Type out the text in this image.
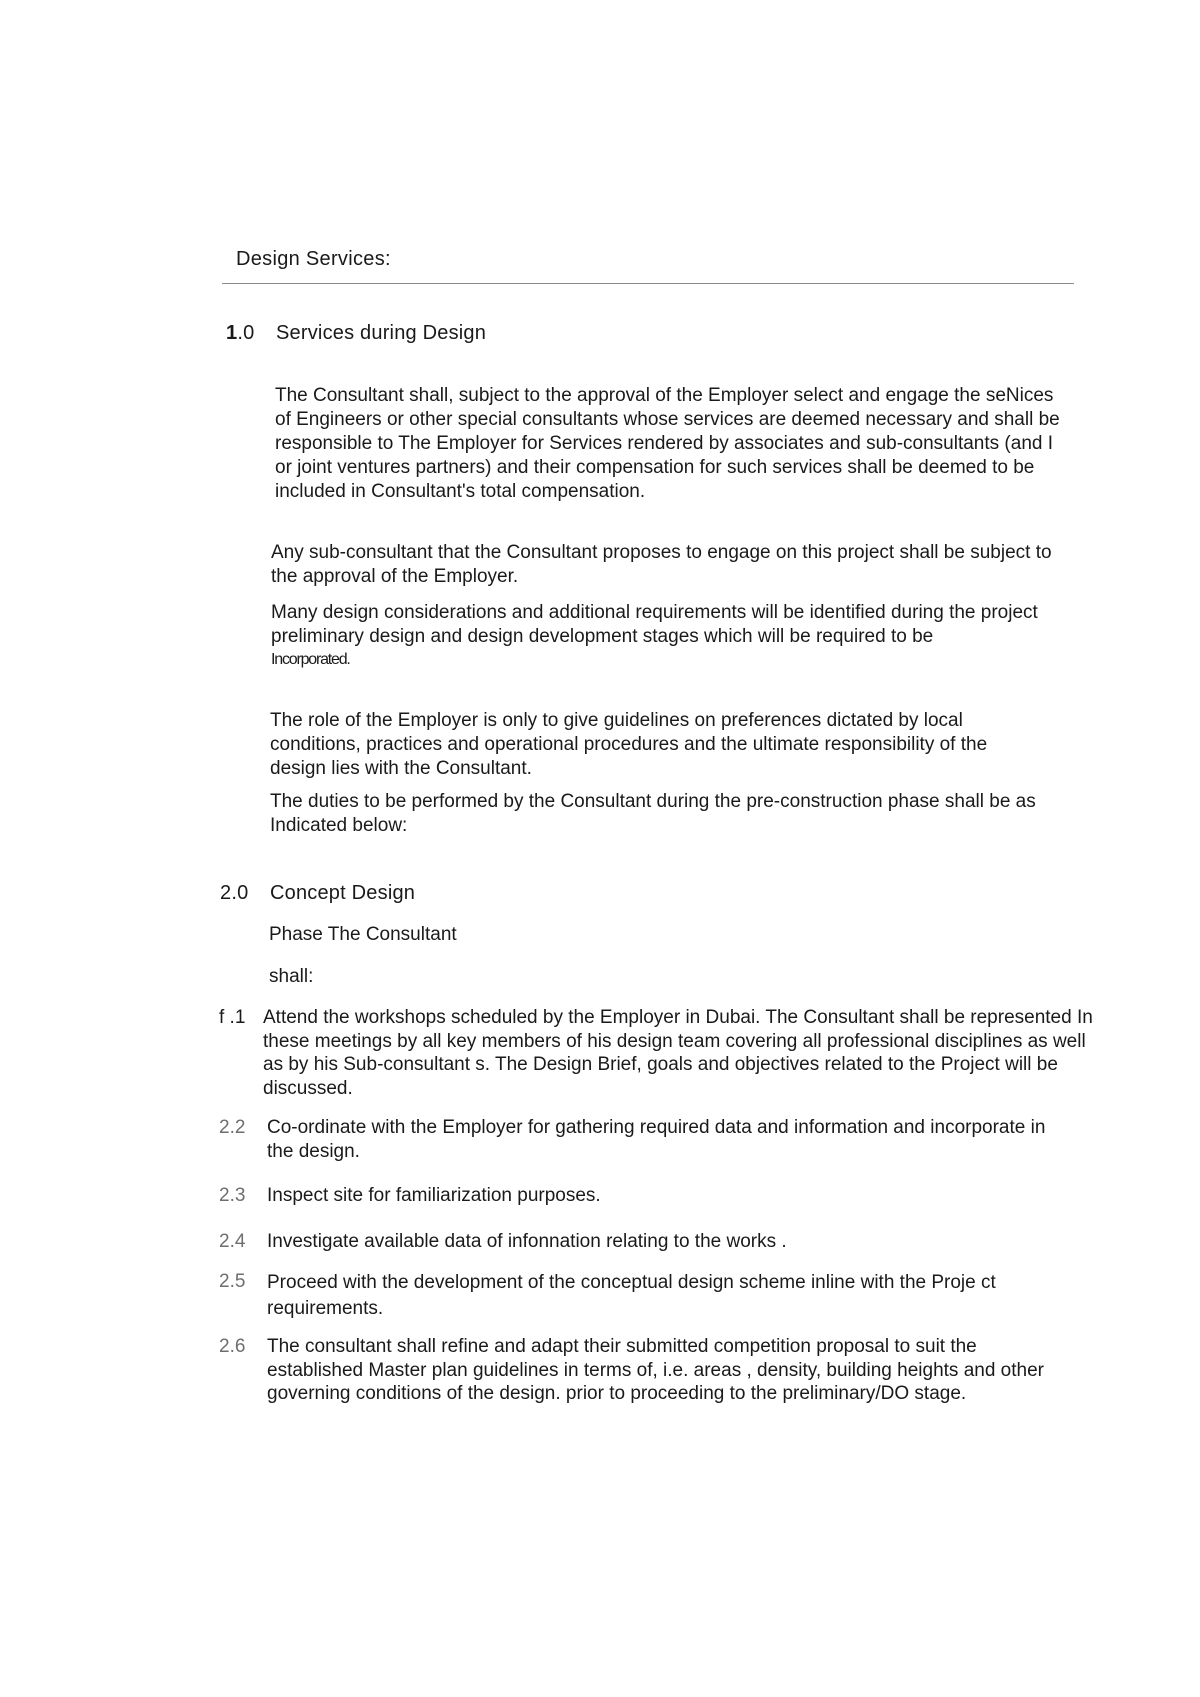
Design Services:
1.0 Services during Design
The Consultant shall, subject to the approval of the Employer select and engage the seNices of Engineers or other special consultants whose services are deemed necessary and shall be responsible to The Employer for Services rendered by associates and sub-consultants (and I or joint ventures partners) and their compensation for such services shall be deemed to be included in Consultant's total compensation.
Any sub-consultant that the Consultant proposes to engage on this project shall be subject to the approval of the Employer.
Many design considerations and additional requirements will be identified during the project preliminary design and design development stages which will be required to be
Incorporated.
The role of the Employer is only to give guidelines on preferences dictated by local conditions, practices and operational procedures and the ultimate responsibility of the design lies with the Consultant.
The duties to be performed by the Consultant during the pre-construction phase shall be as Indicated below:
2.0 Concept Design
Phase The Consultant
shall:
f .1 Attend the workshops scheduled by the Employer in Dubai. The Consultant shall be represented In these meetings by all key members of his design team covering all professional disciplines as well as by his Sub-consultant s. The Design Brief, goals and objectives related to the Project will be discussed.
2.2 Co-ordinate with the Employer for gathering required data and information and incorporate in the design.
2.3 Inspect site for familiarization purposes.
2.4 Investigate available data of infonnation relating to the works .
2.5 Proceed with the development of the conceptual design scheme inline with the Proje ct requirements.
2.6 The consultant shall refine and adapt their submitted competition proposal to suit the established Master plan guidelines in terms of, i.e. areas , density, building heights and other governing conditions of the design. prior to proceeding to the preliminary/DO stage.
